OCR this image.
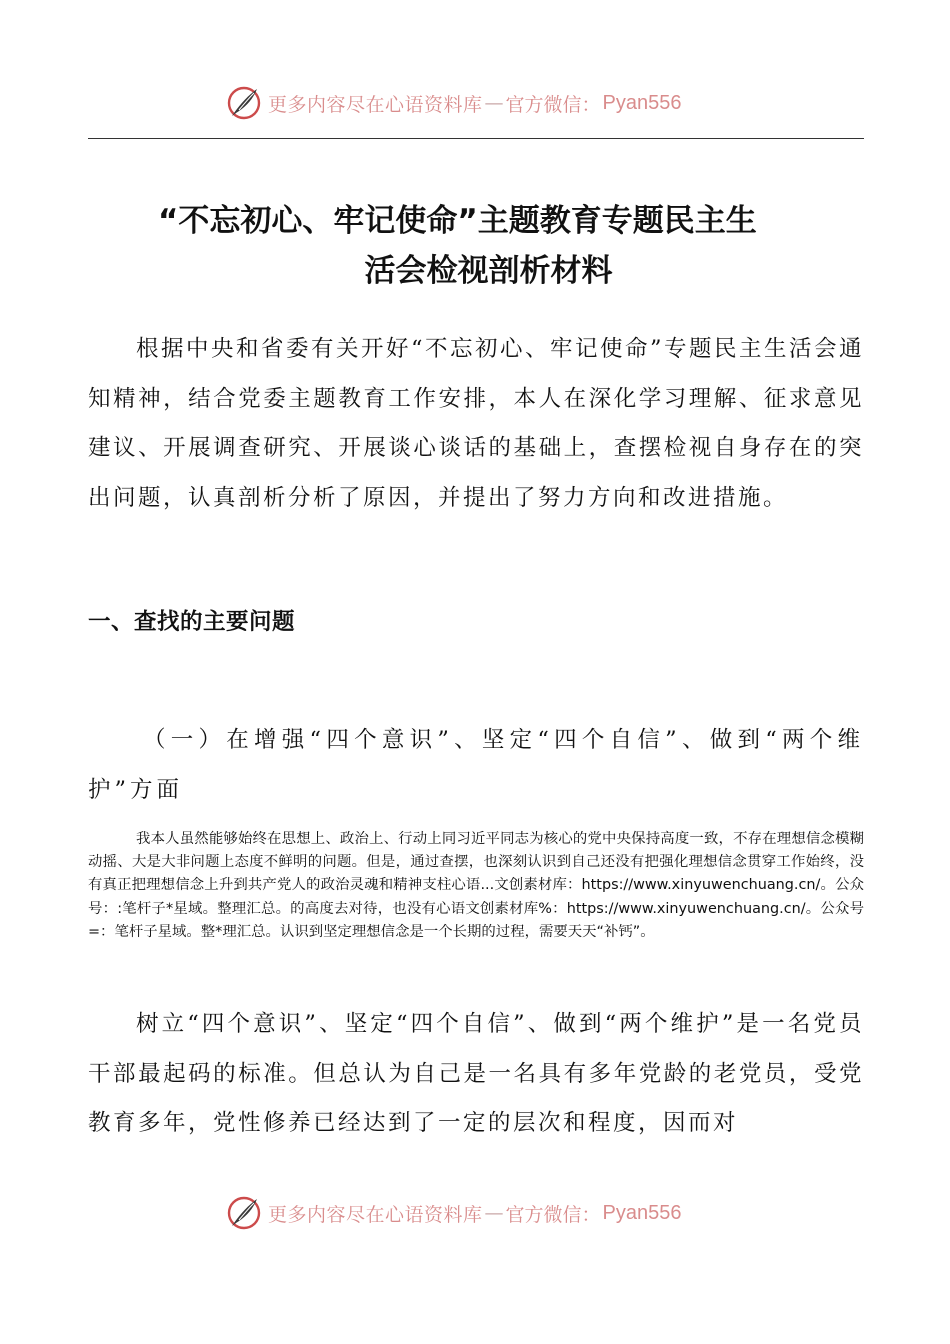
更多内容尽在心语资料库 — 官方微信： Pyan556
“不忘初心、牢记使命”主题教育专题民主生
活会检视剖析材料

根据中央和省委有关开好“不忘初心、牢记使命”专题民主生活会通知精神，结合党委主题教育工作安排，本人在深化学习理解、征求意见建议、开展调查研究、开展谈心谈话的基础上，查摆检视自身存在的突出问题，认真剖析分析了原因，并提出了努力方向和改进措施。

一、查找的主要问题

（一）在增强“四个意识”、坚定“四个自信”、做到“两个维护”方面

我本人虽然能够始终在思想上、政治上、行动上同习近平同志为核心的党中央保持高度一致，不存在理想信念模糊动摇、大是大非问题上态度不鲜明的问题。但是，通过查摆，也深刻认识到自己还没有把强化理想信念贯穿工作始终，没有真正把理想信念上升到共产党人的政治灵魂和精神支柱心语...文创素材库：https://www.xinyuwenchuang.cn/。公众号：:笔杆子*星域。整理汇总。的高度去对待，也没有心语文创素材库%：https://www.xinyuwenchuang.cn/。公众号=：笔杆子星域。整*理汇总。认识到坚定理想信念是一个长期的过程，需要天天“补钙”。

树立“四个意识”、坚定“四个自信”、做到“两个维护”是一名党员干部最起码的标准。但总认为自己是一名具有多年党龄的老党员，受党教育多年，党性修养已经达到了一定的层次和程度，因而对

更多内容尽在心语资料库 — 官方微信： Pyan556
